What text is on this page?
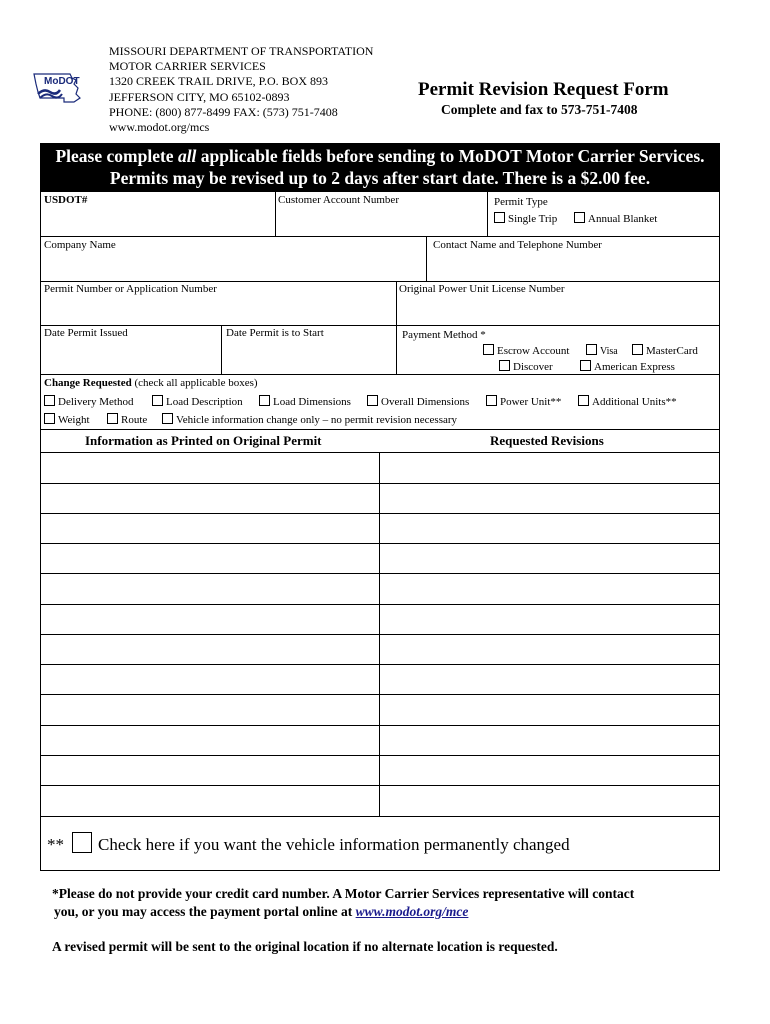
MISSOURI DEPARTMENT OF TRANSPORTATION
MOTOR CARRIER SERVICES
1320 CREEK TRAIL DRIVE, P.O. BOX 893
JEFFERSON CITY, MO 65102-0893
PHONE: (800) 877-8499 FAX: (573) 751-7408
www.modot.org/mcs
MoDOT	Permit Revision Request Form
Complete and fax to 573-751-7408
Please complete all applicable fields before sending to MoDOT Motor Carrier Services.
Permits may be revised up to 2 days after start date. There is a $2.00 fee.
USDOT#	Customer Account Number	Permit Type
Single Trip	Annual Blanket
Company Name	Contact Name and Telephone Number
Permit Number or Application Number	Original Power Unit License Number
Date Permit Issued	Date Permit is to Start	Payment Method *
Escrow Account	Visa	MasterCard
Discover	American Express
Change Requested (check all applicable boxes)
Delivery Method	Load Description	Load Dimensions	Overall Dimensions	Power Unit**	Additional Units**
Weight	Route	Vehicle information change only – no permit revision necessary
Information as Printed on Original Permit	Requested Revisions
** Check here if you want the vehicle information permanently changed
*Please do not provide your credit card number. A Motor Carrier Services representative will contact
you, or you may access the payment portal online at www.modot.org/mce
A revised permit will be sent to the original location if no alternate location is requested.
